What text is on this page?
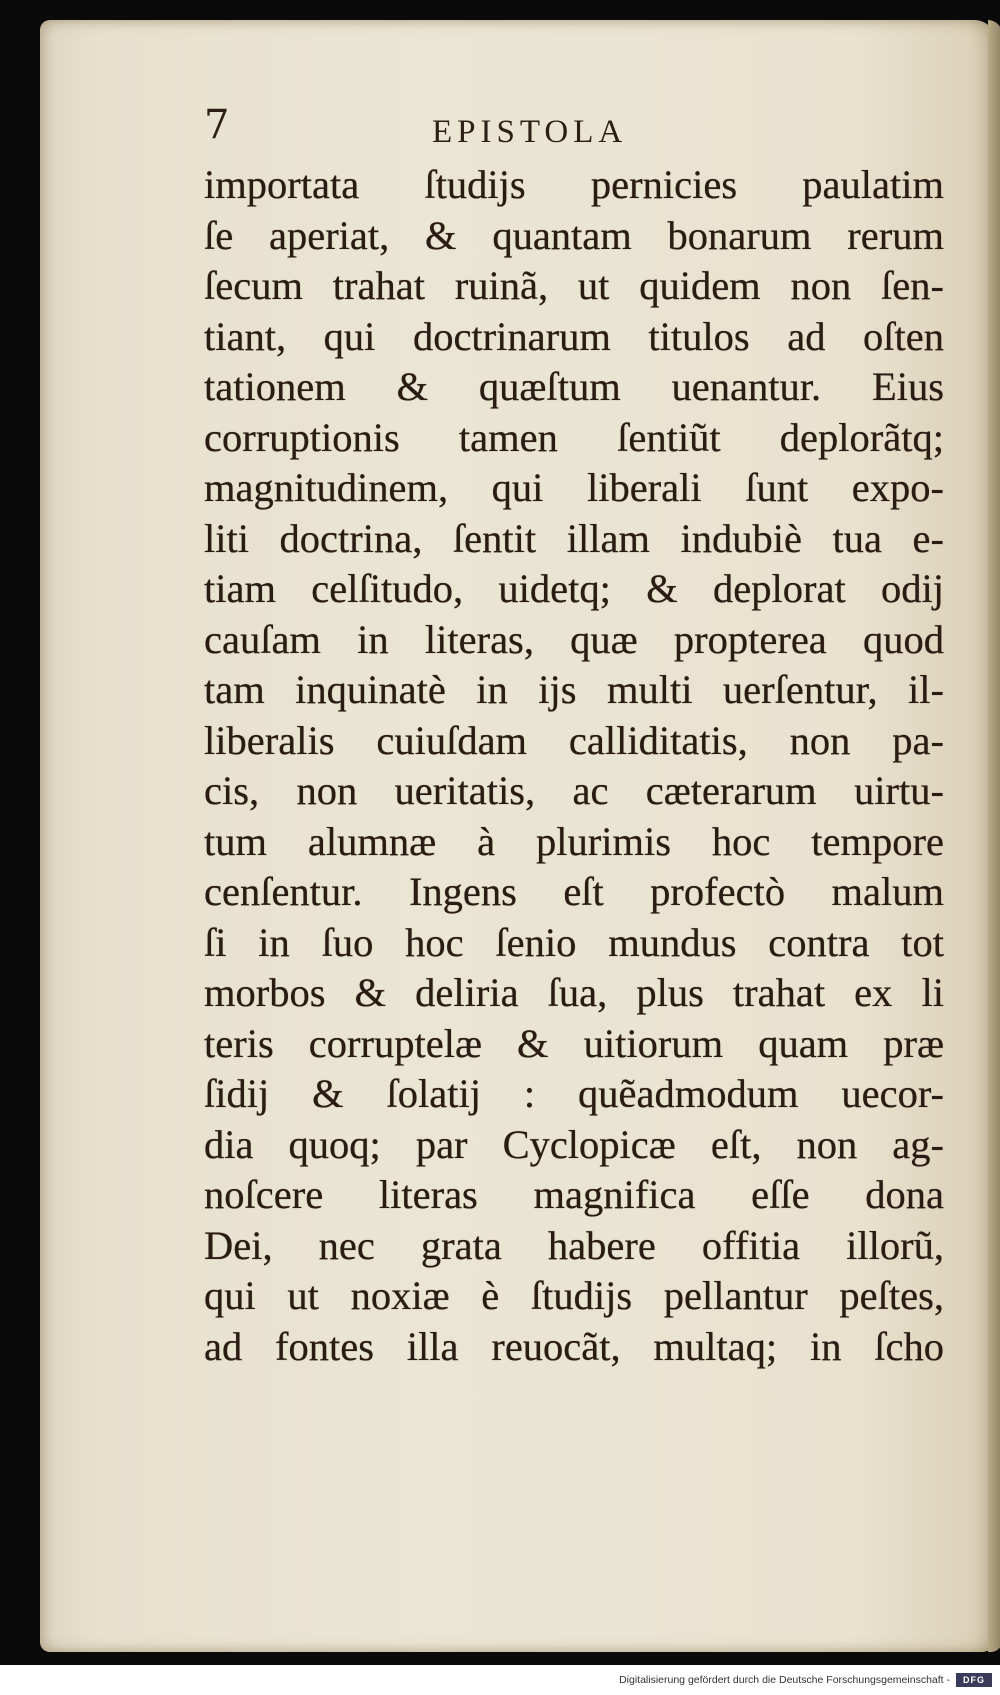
7	EPISTOLA
importata ſtudijs pernicies paulatim
ſe aperiat, & quantam bonarum rerum
ſecum trahat ruinã, ut quidem non ſen-
tiant, qui doctrinarum titulos ad oſten
tationem & quæſtum uenantur. Eius
corruptionis tamen ſentiũt deplorãtq;
magnitudinem, qui liberali ſunt expo-
liti doctrina, ſentit illam indubiè tua e-
tiam celſitudo, uidetq; & deplorat odij
cauſam in literas, quæ propterea quod
tam inquinatè in ijs multi uerſentur, il-
liberalis cuiuſdam calliditatis, non pa-
cis, non ueritatis, ac cæterarum uirtu-
tum alumnæ à plurimis hoc tempore
cenſentur. Ingens eſt profectò malum
ſi in ſuo hoc ſenio mundus contra tot
morbos & deliria ſua, plus trahat ex li
teris corruptelæ & uitiorum quam præ
ſidij & ſolatij : quẽadmodum uecor-
dia quoq; par Cyclopicæ eſt, non ag-
noſcere literas magnifica eſſe dona
Dei, nec grata habere offitia illorũ,
qui ut noxiæ è ſtudijs pellantur peſtes,
ad fontes illa reuocãt, multaq; in ſcho
Digitalisierung gefördert durch die Deutsche Forschungsgemeinschaft -	DFG
